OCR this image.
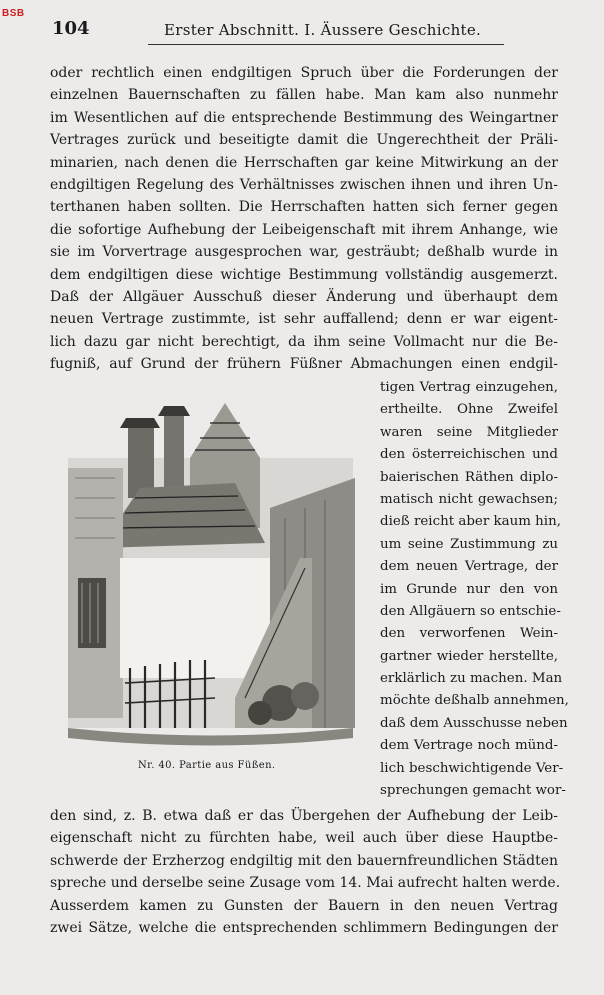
BSB
104	Erster Abschnitt. I. Äussere Geschichte.
oder rechtlich einen endgiltigen Spruch über die Forderungen der
einzelnen Bauernschaften zu fällen habe. Man kam also nunmehr
im Wesentlichen auf die entsprechende Bestimmung des Weingartner
Vertrages zurück und beseitigte damit die Ungerechtheit der Präli-
minarien, nach denen die Herrschaften gar keine Mitwirkung an der
endgiltigen Regelung des Verhältnisses zwischen ihnen und ihren Un-
terthanen haben sollten. Die Herrschaften hatten sich ferner gegen
die sofortige Aufhebung der Leibeigenschaft mit ihrem Anhange, wie
sie im Vorvertrage ausgesprochen war, gesträubt; deßhalb wurde in
dem endgiltigen diese wichtige Bestimmung vollständig ausgemerzt.
Daß der Allgäuer Ausschuß dieser Änderung und überhaupt dem
neuen Vertrage zustimmte, ist sehr auffallend; denn er war eigent-
lich dazu gar nicht berechtigt, da ihm seine Vollmacht nur die Be-
fugniß, auf Grund der frühern Füßner Abmachungen einen endgil-
Nr. 40. Partie aus Füßen.
tigen Vertrag einzugehen,
ertheilte. Ohne Zweifel
waren seine Mitglieder
den österreichischen und
baierischen Räthen diplo-
matisch nicht gewachsen;
dieß reicht aber kaum hin,
um seine Zustimmung zu
dem neuen Vertrage, der
im Grunde nur den von
den Allgäuern so entschie-
den verworfenen Wein-
gartner wieder herstellte,
erklärlich zu machen. Man
möchte deßhalb annehmen,
daß dem Ausschusse neben
dem Vertrage noch münd-
lich beschwichtigende Ver-
sprechungen gemacht wor-
den sind, z. B. etwa daß er das Übergehen der Aufhebung der Leib-
eigenschaft nicht zu fürchten habe, weil auch über diese Hauptbe-
schwerde der Erzherzog endgiltig mit den bauernfreundlichen Städten
spreche und derselbe seine Zusage vom 14. Mai aufrecht halten werde.
Ausserdem kamen zu Gunsten der Bauern in den neuen Vertrag
zwei Sätze, welche die entsprechenden schlimmern Bedingungen der
